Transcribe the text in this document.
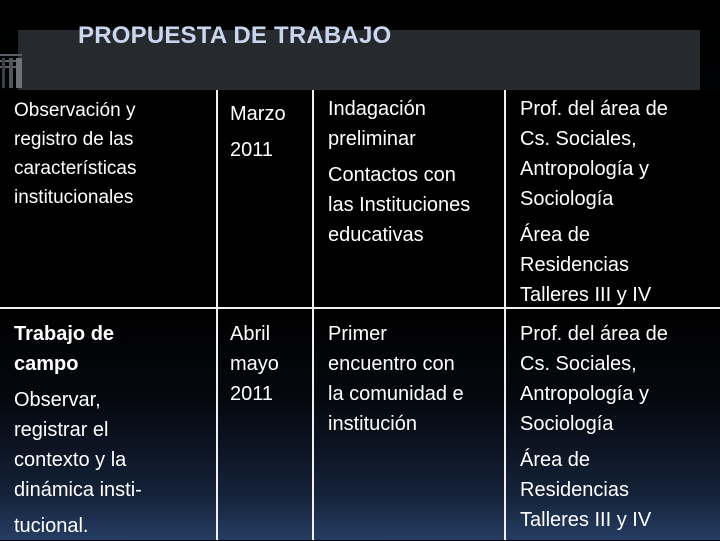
PROPUESTA DE TRABAJO

Observación y

registro de las

características

institucionales

Marzo

2011

Indagación

preliminar

Contactos con

las Instituciones

educativas

Prof. del área de

Cs. Sociales,

Antropología y

Sociología

Área de

Residencias

Talleres III y IV

Trabajo de

campo

Observar,

registrar el

contexto y la

dinámica insti-

tucional.

Abril

mayo

2011

Primer

encuentro con

la comunidad e

institución

Prof. del área de

Cs. Sociales,

Antropología y

Sociología

Área de

Residencias

Talleres III y IV
